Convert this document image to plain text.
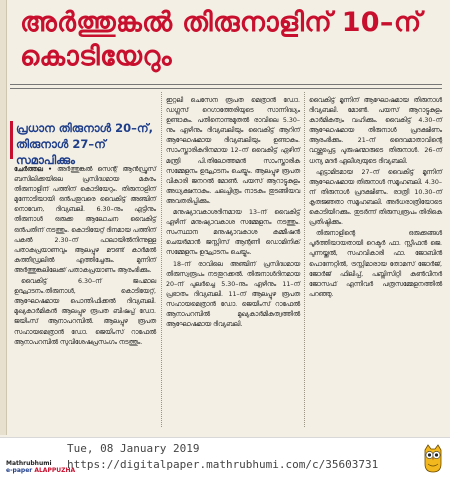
അർത്തുങ്കൽ തിരുനാളിന് 10–ന് കൊടിയേറും
പ്രധാന തിരുനാൾ 20–ന്, തിരുനാൾ 27–ന് സമാപിക്കും

ചേർത്തല • അർത്തുങ്കൽ സെന്റ് ആൻഡ്രൂസ് ബസിലിക്കയിലെ പ്രസിദ്ധമായ മകരം തിരുനാളിന് പത്തിന് കൊടിയേറും. തിരുനാളിന് മുന്നോടിയായി ഒൻപതുവരെ വൈകിട്ട് അഞ്ചിന് നൊവേന, ദിവ്യബലി. 6.30–നും എട്ടിനും തിരുനാൾ ഒരുക്ക ആലോചന വൈകിട്ട് ഒൻപതിന് നടത്തും. കൊടിയേറ്റ് ദിനമായ പത്തിന് പകൽ 2.30–ന് പാലായിൽനിന്നുള്ള പതാകപ്രയാണവും ആലപ്പുഴ മൗണ്ട് കാർമൽ കത്തീഡ്രലിൽ എത്തിച്ചേരും. മുന്നിന് അർത്തുങ്കലിലേക്ക് പതാകപ്രയാണം ആരംഭിക്കും.

വൈകിട്ട് 6.30–ന് ജപമാല ഉദ്ഘാടനം.തിരുനാൾ, കൊടിയേറ്റ്, ആഘോഷമായ പൊന്തിഫിക്കൽ ദിവ്യബലി. മുഖ്യകാർമികൻ ആലപ്പുഴ രൂപത ബിഷപ്പ് ഡോ. ജയിംസ് ആനാപറമ്പിൽ. ആലപ്പുഴ രൂപത സഹായമെത്രാൻ ഡോ. ജെയിംസ് റാഫേൽ ആനാപറമ്പിൽ സുവിശേഷപ്രസംഗം നടത്തും.

ഇറ്റലി ചെസേന രൂപത മെത്രാൻ ഡോ. ഡഗ്ലസ് റെഗാത്തേരിയുടെ സാന്നിദ്ധ്യം ഉണ്ടാകും. പതിനൊന്നുമുതൽ രാവിലെ 5.30–നും ഏഴിനും ദിവ്യബലിയും വൈകിട്ട് ആറിന് ആഘോഷമായ ദിവ്യബലിയും ഉണ്ടാകും. സാംസ്കാരികദിനമായ 12–ന് വൈകിട്ട് ഏഴിന് മന്ത്രി പി.തിലോത്തമൻ സാംസ്കാരിക സമ്മേളനം ഉദ്ഘാടനം ചെയ്യും. ആലപ്പുഴ രൂപത വികാരി ജനറൽ മോൺ. പയസ് ആറാട്ടുകുളം അധ്യക്ഷനാകും. ചലച്ചിത്രം നാടകം തുടങ്ങിയവ അവതരിപ്പിക്കും.

മനുഷ്യാവകാശദിനമായ 13–ന് വൈകിട്ട് ഏഴിന് മനുഷ്യാവകാശ സമ്മേളനം നടത്തും. സംസ്ഥാന മനുഷ്യാവകാശ കമ്മീഷൻ ചെയർമാൻ ജസ്റ്റിസ് ആന്റണി ഡൊമിനിക് സമ്മേളനം ഉദ്ഘാടനം ചെയ്യും.

18–ന് രാവിലെ അഞ്ചിന് പ്രസിദ്ധമായ തിരുസ്വരൂപം നടതുറക്കൽ. തിരുനാൾദിനമായ 20–ന് പുലർച്ചെ 5.30–നും ഏഴിനും 11–ന് പ്രഭാതം ദിവ്യബലി. 11–ന് ആലപ്പുഴ രൂപത സഹായമെത്രാൻ ഡോ. ജെയിംസ് റാഫേൽ ആനാപറമ്പിൽ മുഖ്യകാർമികത്വത്തിൽ ആഘോഷമായ ദിവ്യബലി.

വൈകിട്ട് മൂന്നിന് ആഘോഷമായ തിരുനാൾ ദിവ്യബലി. മോൺ. പയസ് ആറാട്ടുകുളം കാർമികത്വം വഹിക്കും. വൈകിട്ട് 4.30–ന് ആഘോഷമായ തിരുനാൾ പ്രദക്ഷിണം ആരംഭിക്കും. 21–ന് ദൈവമാതാവിന്റെ വാഴ്ത്തപ്പെട്ട പുരുഷന്മാരുടെ തിരുനാൾ. 26–ന് ധന്യ മദർ ഏലീശ്വയുടെ ദിവ്യബലി.

എട്ടാമിടമായ 27–ന് വൈകിട്ട് മൂന്നിന് ആഘോഷമായ തിരുനാൾ സമൂഹബലി. 4.30–ന് തിരുനാൾ പ്രദക്ഷിണം. രാത്രി 10.30–ന് കൃതജ്ഞതാ സമൂഹബലി. അർധരാത്രിയോടെ കൊടിയിറക്കും. തുടർന്ന് തിരുസ്വരൂപം തിരികെ പ്രതിഷ്ഠിക്കും.

തിരുനാളിന്റെ ഒരുക്കങ്ങൾ പൂർത്തിയായതായി റെക്ടർ ഫാ. സ്റ്റീഫൻ ജെ. പുന്നയ്ക്കൽ, സഹവികാരി ഫാ. ജോബിൻ പൊന്നേറ്റിൽ, ട്രസ്റ്റിമാരായ തോമസ് ജോർജ്, ജോർജ് ഫിലിപ്പ്, പബ്ലിസിറ്റി കൺവീനർ ജോസഫ് എന്നിവർ പത്രസമ്മേളനത്തിൽ പറഞ്ഞു.

Mathrubhumi
e-paper ALAPPUZHA
Tue, 08 January 2019
https://digitalpaper.mathrubhumi.com/c/35603731
